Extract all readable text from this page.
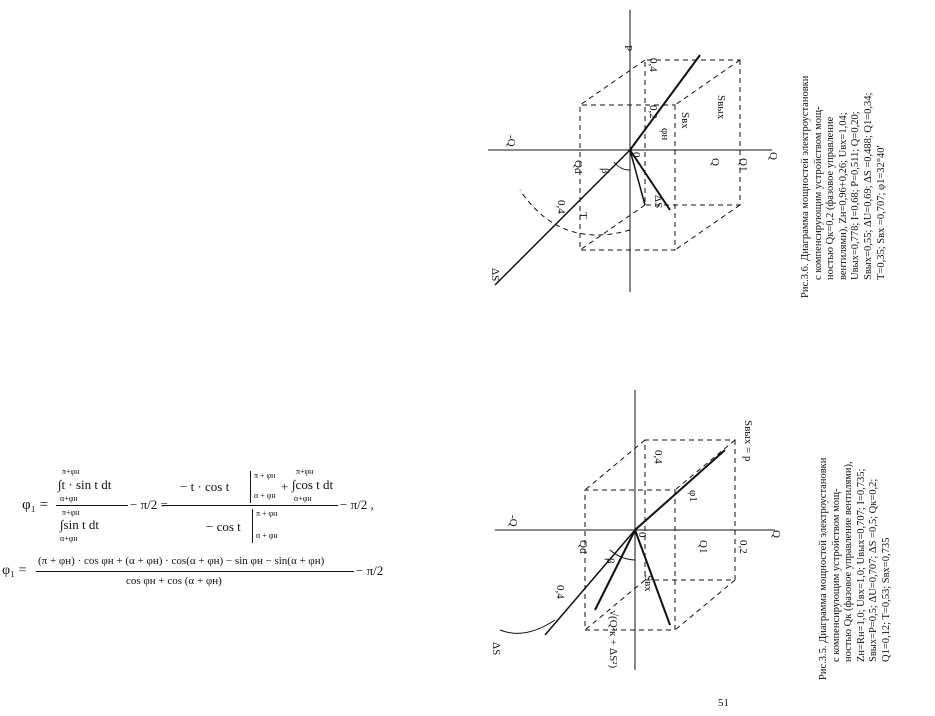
φ₁ =
π+φн
∫t · sin t dt
α+φн
π+φн
∫sin t dt
α+φн
− π/2 =
− t · cos t
π + φн
α + φн
+
π+φн
∫cos t dt
α+φн
− cos t
π + φн
α + φн
− π/2 ,
φ₁ =
(π + φн) · cos φн + (α + φн) · cos(α + φн) − sin φн − sin(α + φн)
cos φн + cos (α + φн)
− π/2
Q
0,2
Q1
Sвых = p
0,4
φ1
0
Sвх
β
√(Q²к + ΔS²)
Qd
-Q
0,4
ΔS	Рис.3.5. Диаграмма мощностей электроустановки с компенсирующим устройством мощ- ностью Qк (фазовое управление вентилями), Zн=Rн=1,0; Uвх=1,0; Uвых=0,707; I=0,735; Sвых=P=0,5; ΔU=0,707; ΔS =0,5; Qк=0,2; Q1=0,12; T=0,53; Sвх=0,735
Q
Q1
Q
Sвых
P
0,4
Sвх
0,2
φн
0
β
ΔS
Qd
0,4
T
-Q
ΔS	Рис.3.6. Диаграмма мощностей электроустановки с компенсирующим устройством мощ- ностью Qк=0,2 (фазовое управление вентилями), Zн=0,96+0,26; Uвх=1,04; Uвых=0,778; I=0,68; P=0,511; Q=0,20; Sвых=0,55; ΔU=0,69; ΔS =0,488; Q1=0,34; T=0,35; Sвх =0,707; φ1=32°40'
51
